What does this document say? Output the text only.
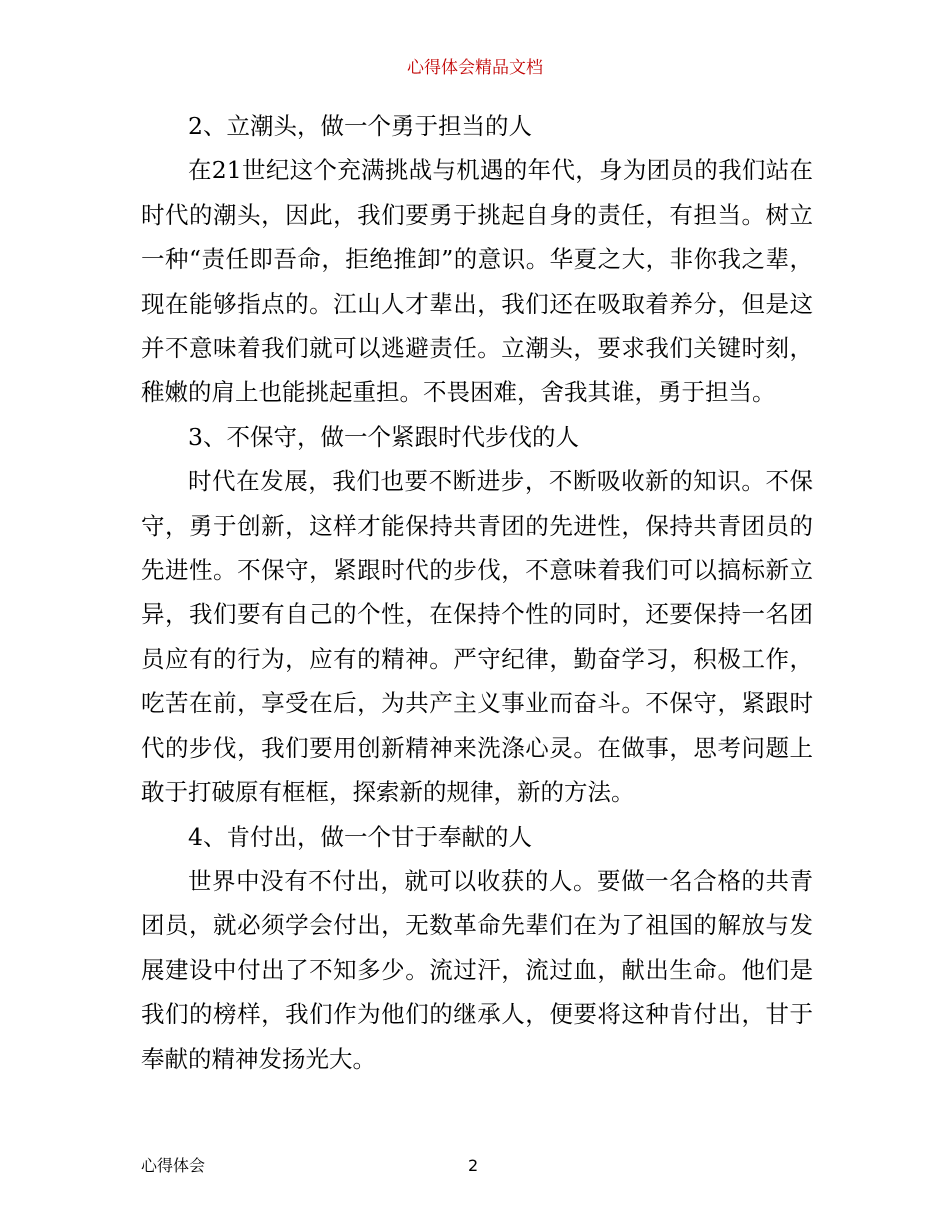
心得体会精品文档

2、立潮头，做一个勇于担当的人

在21世纪这个充满挑战与机遇的年代，身为团员的我们站在时代的潮头，因此，我们要勇于挑起自身的责任，有担当。树立一种“责任即吾命，拒绝推卸”的意识。华夏之大，非你我之辈，现在能够指点的。江山人才辈出，我们还在吸取着养分，但是这并不意味着我们就可以逃避责任。立潮头，要求我们关键时刻，稚嫩的肩上也能挑起重担。不畏困难，舍我其谁，勇于担当。

3、不保守，做一个紧跟时代步伐的人

时代在发展，我们也要不断进步，不断吸收新的知识。不保守，勇于创新，这样才能保持共青团的先进性，保持共青团员的先进性。不保守，紧跟时代的步伐，不意味着我们可以搞标新立异，我们要有自己的个性，在保持个性的同时，还要保持一名团员应有的行为，应有的精神。严守纪律，勤奋学习，积极工作，吃苦在前，享受在后，为共产主义事业而奋斗。不保守，紧跟时代的步伐，我们要用创新精神来洗涤心灵。在做事，思考问题上敢于打破原有框框，探索新的规律，新的方法。

4、肯付出，做一个甘于奉献的人

世界中没有不付出，就可以收获的人。要做一名合格的共青团员，就必须学会付出，无数革命先辈们在为了祖国的解放与发展建设中付出了不知多少。流过汗，流过血，献出生命。他们是我们的榜样，我们作为他们的继承人，便要将这种肯付出，甘于奉献的精神发扬光大。

心得体会	2
